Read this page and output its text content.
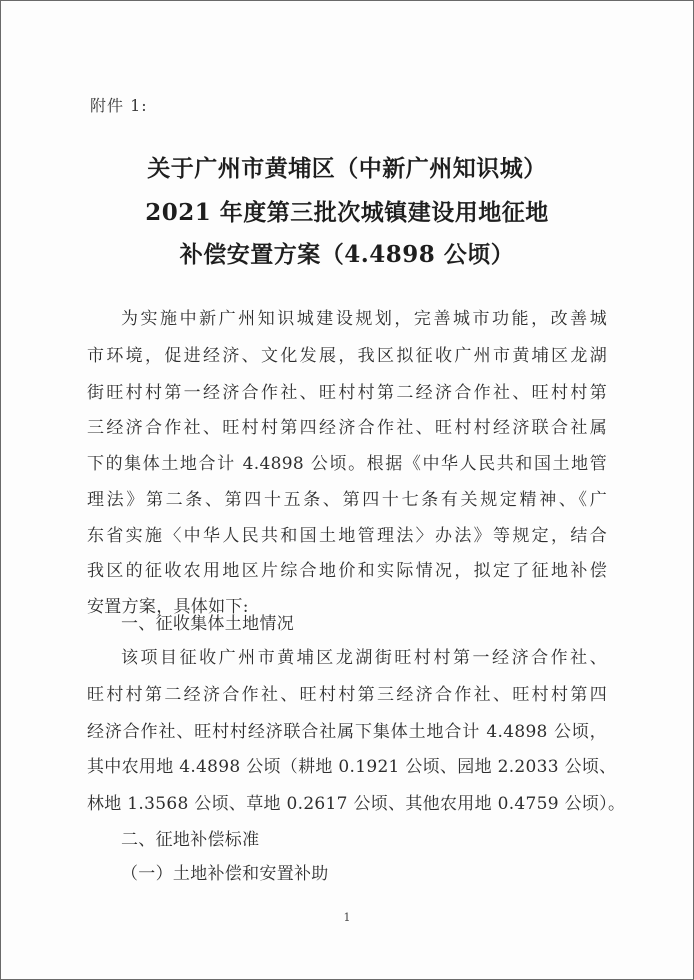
附件 1:
关于广州市黄埔区（中新广州知识城）
2021 年度第三批次城镇建设用地征地
补偿安置方案（4.4898 公顷）
为实施中新广州知识城建设规划，完善城市功能，改善城
市环境，促进经济、文化发展，我区拟征收广州市黄埔区龙湖
街旺村村第一经济合作社、旺村村第二经济合作社、旺村村第
三经济合作社、旺村村第四经济合作社、旺村村经济联合社属
下的集体土地合计 4.4898 公顷。根据《中华人民共和国土地管
理法》第二条、第四十五条、第四十七条有关规定精神、《广
东省实施〈中华人民共和国土地管理法〉办法》等规定，结合
我区的征收农用地区片综合地价和实际情况，拟定了征地补偿
安置方案，具体如下:
一、征收集体土地情况
该项目征收广州市黄埔区龙湖街旺村村第一经济合作社、
旺村村第二经济合作社、旺村村第三经济合作社、旺村村第四
经济合作社、旺村村经济联合社属下集体土地合计 4.4898 公顷，
其中农用地 4.4898 公顷（耕地 0.1921 公顷、园地 2.2033 公顷、
林地 1.3568 公顷、草地 0.2617 公顷、其他农用地 0.4759 公顷）。
二、征地补偿标准
（一）土地补偿和安置补助
1
